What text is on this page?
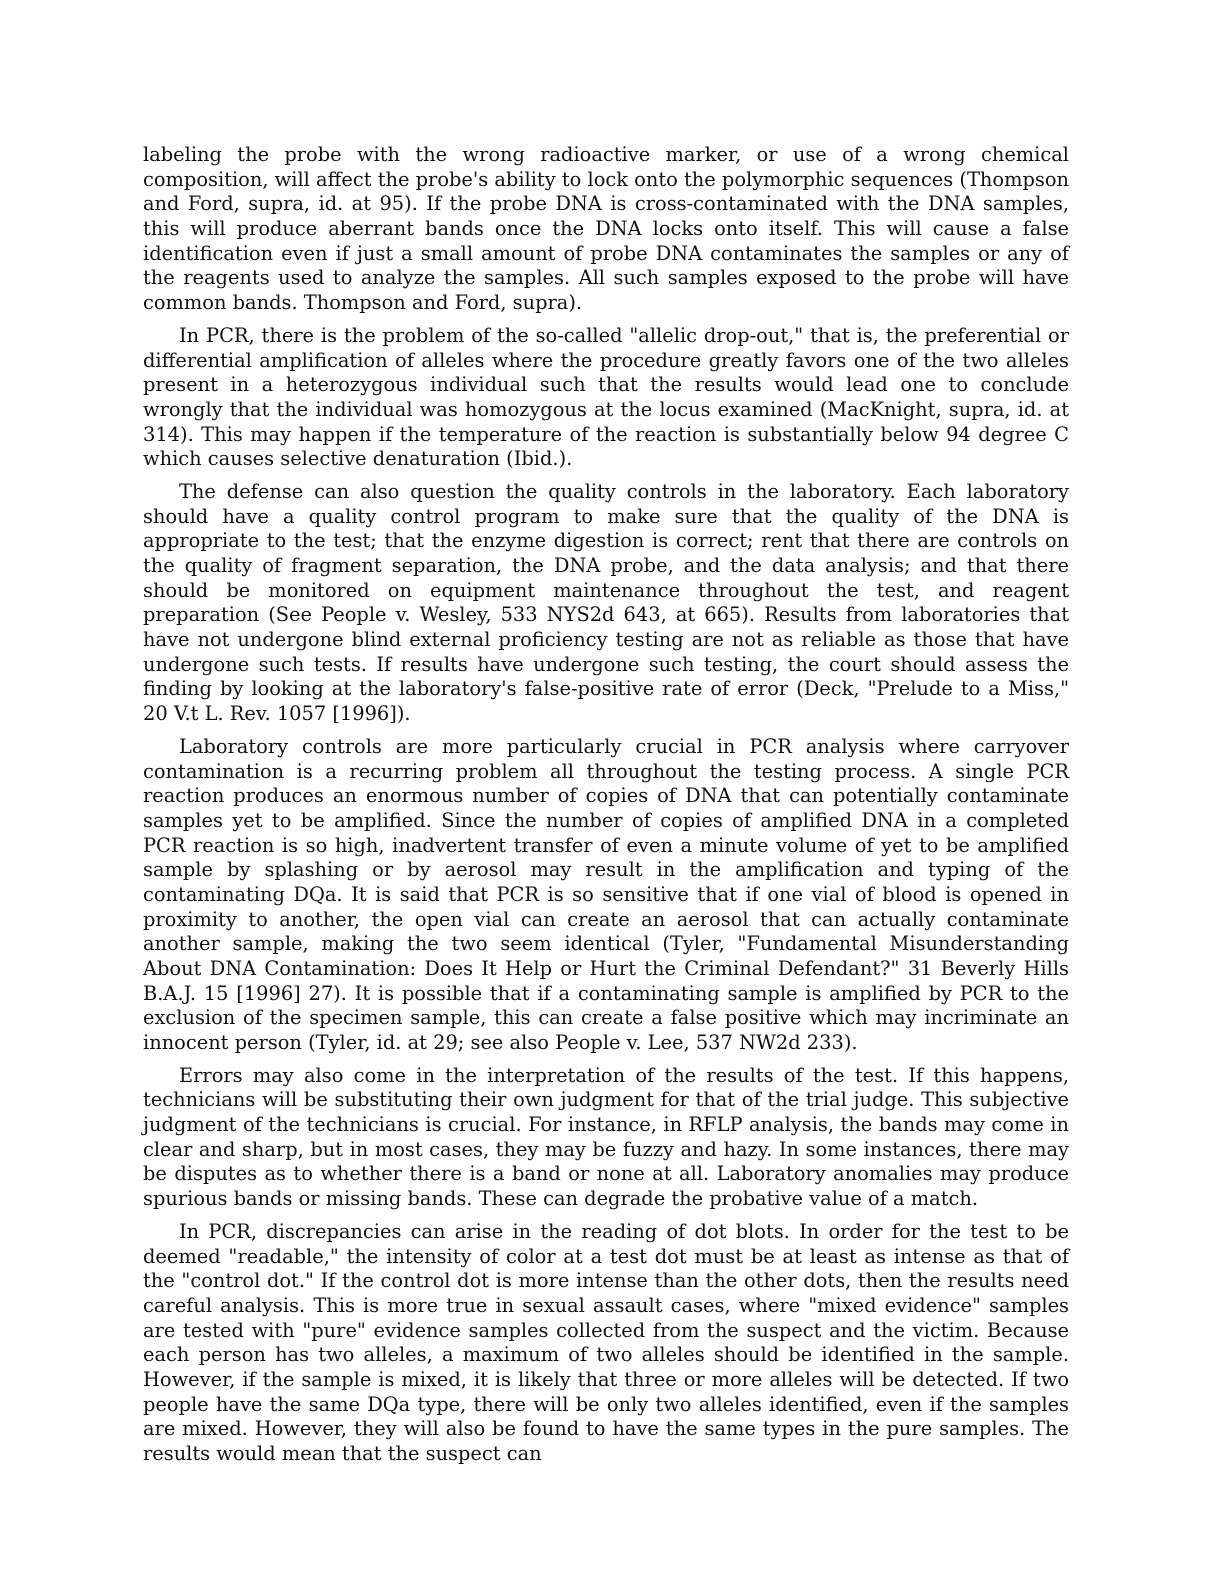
labeling the probe with the wrong radioactive marker, or use of a wrong chemical composition, will affect the probe's ability to lock onto the polymorphic sequences (Thompson and Ford, supra, id. at 95). If the probe DNA is cross-contaminated with the DNA samples, this will produce aberrant bands once the DNA locks onto itself. This will cause a false identification even if just a small amount of probe DNA contaminates the samples or any of the reagents used to analyze the samples. All such samples exposed to the probe will have common bands. Thompson and Ford, supra).

In PCR, there is the problem of the so-called "allelic drop-out," that is, the preferential or differential amplification of alleles where the procedure greatly favors one of the two alleles present in a heterozygous individual such that the results would lead one to conclude wrongly that the individual was homozygous at the locus examined (MacKnight, supra, id. at 314). This may happen if the temperature of the reaction is substantially below 94 degree C which causes selective denaturation (Ibid.).

The defense can also question the quality controls in the laboratory. Each laboratory should have a quality control program to make sure that the quality of the DNA is appropriate to the test; that the enzyme digestion is correct; rent that there are controls on the quality of fragment separation, the DNA probe, and the data analysis; and that there should be monitored on equipment maintenance throughout the test, and reagent preparation (See People v. Wesley, 533 NYS2d 643, at 665). Results from laboratories that have not undergone blind external proficiency testing are not as reliable as those that have undergone such tests. If results have undergone such testing, the court should assess the finding by looking at the laboratory's false-positive rate of error (Deck, "Prelude to a Miss," 20 V.t L. Rev. 1057 [1996]).

Laboratory controls are more particularly crucial in PCR analysis where carryover contamination is a recurring problem all throughout the testing process. A single PCR reaction produces an enormous number of copies of DNA that can potentially contaminate samples yet to be amplified. Since the number of copies of amplified DNA in a completed PCR reaction is so high, inadvertent transfer of even a minute volume of yet to be amplified sample by splashing or by aerosol may result in the amplification and typing of the contaminating DQa. It is said that PCR is so sensitive that if one vial of blood is opened in proximity to another, the open vial can create an aerosol that can actually contaminate another sample, making the two seem identical (Tyler, "Fundamental Misunderstanding About DNA Contamination: Does It Help or Hurt the Criminal Defendant?" 31 Beverly Hills B.A.J. 15 [1996] 27). It is possible that if a contaminating sample is amplified by PCR to the exclusion of the specimen sample, this can create a false positive which may incriminate an innocent person (Tyler, id. at 29; see also People v. Lee, 537 NW2d 233).

Errors may also come in the interpretation of the results of the test. If this happens, technicians will be substituting their own judgment for that of the trial judge. This subjective judgment of the technicians is crucial. For instance, in RFLP analysis, the bands may come in clear and sharp, but in most cases, they may be fuzzy and hazy. In some instances, there may be disputes as to whether there is a band or none at all. Laboratory anomalies may produce spurious bands or missing bands. These can degrade the probative value of a match.

In PCR, discrepancies can arise in the reading of dot blots. In order for the test to be deemed "readable," the intensity of color at a test dot must be at least as intense as that of the "control dot." If the control dot is more intense than the other dots, then the results need careful analysis. This is more true in sexual assault cases, where "mixed evidence" samples are tested with "pure" evidence samples collected from the suspect and the victim. Because each person has two alleles, a maximum of two alleles should be identified in the sample. However, if the sample is mixed, it is likely that three or more alleles will be detected. If two people have the same DQa type, there will be only two alleles identified, even if the samples are mixed. However, they will also be found to have the same types in the pure samples. The results would mean that the suspect can
